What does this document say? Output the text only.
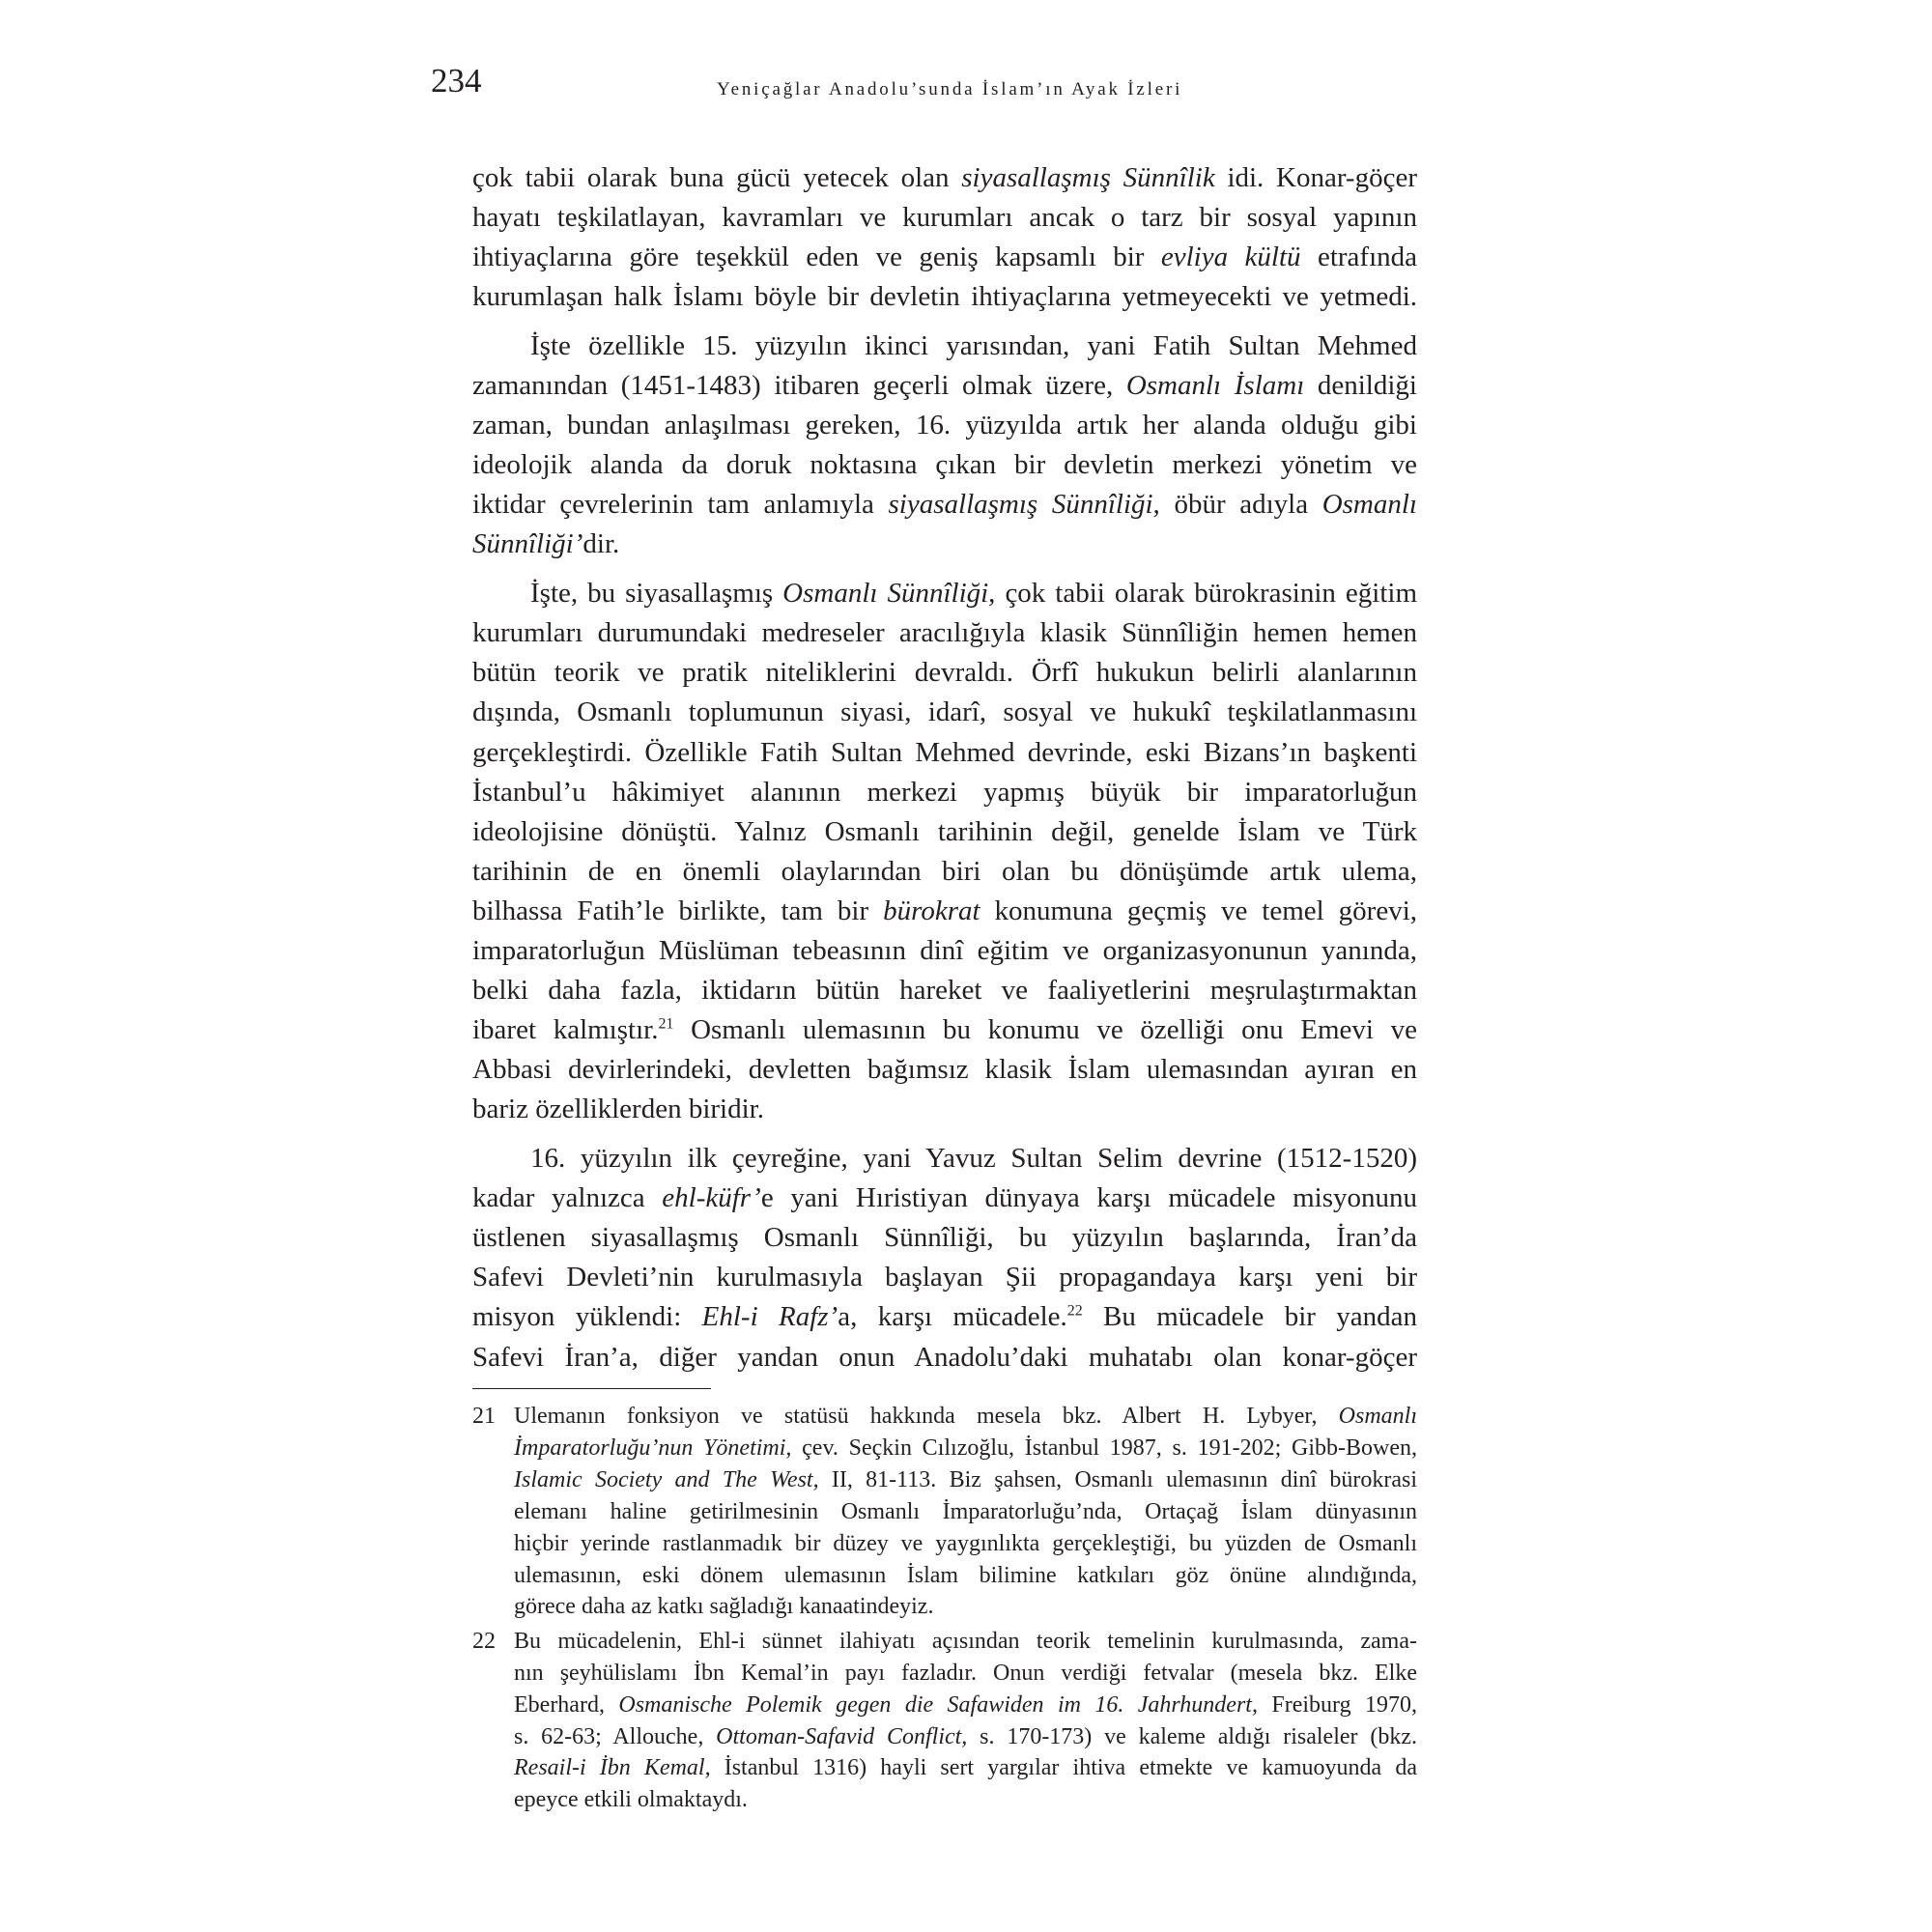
234	Yeniçağlar Anadolu’sunda İslam’ın Ayak İzleri
çok tabii olarak buna gücü yetecek olan siyasallaşmış Sünnîlik idi. Konar-göçer
hayatı teşkilatlayan, kavramları ve kurumları ancak o tarz bir sosyal yapının
ihtiyaçlarına göre teşekkül eden ve geniş kapsamlı bir evliya kültü etrafında
kurumlaşan halk İslamı böyle bir devletin ihtiyaçlarına yetmeyecekti ve yetmedi.
İşte özellikle 15. yüzyılın ikinci yarısından, yani Fatih Sultan Mehmed
zamanından (1451-1483) itibaren geçerli olmak üzere, Osmanlı İslamı denildiği
zaman, bundan anlaşılması gereken, 16. yüzyılda artık her alanda olduğu gibi
ideolojik alanda da doruk noktasına çıkan bir devletin merkezi yönetim ve
iktidar çevrelerinin tam anlamıyla siyasallaşmış Sünnîliği, öbür adıyla Osmanlı
Sünnîliği’dir.
İşte, bu siyasallaşmış Osmanlı Sünnîliği, çok tabii olarak bürokrasinin eğitim
kurumları durumundaki medreseler aracılığıyla klasik Sünnîliğin hemen hemen
bütün teorik ve pratik niteliklerini devraldı. Örfî hukukun belirli alanlarının
dışında, Osmanlı toplumunun siyasi, idarî, sosyal ve hukukî teşkilatlanmasını
gerçekleştirdi. Özellikle Fatih Sultan Mehmed devrinde, eski Bizans’ın başkenti
İstanbul’u hâkimiyet alanının merkezi yapmış büyük bir imparatorluğun
ideolojisine dönüştü. Yalnız Osmanlı tarihinin değil, genelde İslam ve Türk
tarihinin de en önemli olaylarından biri olan bu dönüşümde artık ulema,
bilhassa Fatih’le birlikte, tam bir bürokrat konumuna geçmiş ve temel görevi,
imparatorluğun Müslüman tebeasının dinî eğitim ve organizasyonunun yanında,
belki daha fazla, iktidarın bütün hareket ve faaliyetlerini meşrulaştırmaktan
ibaret kalmıştır.$^{21}$ Osmanlı ulemasının bu konumu ve özelliği onu Emevi ve
Abbasi devirlerindeki, devletten bağımsız klasik İslam ulemasından ayıran en
bariz özelliklerden biridir.
16. yüzyılın ilk çeyreğine, yani Yavuz Sultan Selim devrine (1512-1520)
kadar yalnızca ehl-küfr’e yani Hıristiyan dünyaya karşı mücadele misyonunu
üstlenen siyasallaşmış Osmanlı Sünnîliği, bu yüzyılın başlarında, İran’da
Safevi Devleti’nin kurulmasıyla başlayan Şii propagandaya karşı yeni bir
misyon yüklendi: Ehl-i Rafz’a, karşı mücadele.$^{22}$ Bu mücadele bir yandan
Safevi İran’a, diğer yandan onun Anadolu’daki muhatabı olan konar-göçer
21 Ulemanın fonksiyon ve statüsü hakkında mesela bkz. Albert H. Lybyer, Osmanlı
İmparatorluğu’nun Yönetimi, çev. Seçkin Cılızoğlu, İstanbul 1987, s. 191-202; Gibb-Bowen,
Islamic Society and The West, II, 81-113. Biz şahsen, Osmanlı ulemasının dinî bürokrasi
elemanı haline getirilmesinin Osmanlı İmparatorluğu’nda, Ortaçağ İslam dünyasının
hiçbir yerinde rastlanmadık bir düzey ve yaygınlıkta gerçekleştiği, bu yüzden de Osmanlı
ulemasının, eski dönem ulemasının İslam bilimine katkıları göz önüne alındığında,
görece daha az katkı sağladığı kanaatindeyiz.
22 Bu mücadelenin, Ehl-i sünnet ilahiyatı açısından teorik temelinin kurulmasında, zama-
nın şeyhülislamı İbn Kemal’in payı fazladır. Onun verdiği fetvalar (mesela bkz. Elke
Eberhard, Osmanische Polemik gegen die Safawiden im 16. Jahrhundert, Freiburg 1970,
s. 62-63; Allouche, Ottoman-Safavid Conflict, s. 170-173) ve kaleme aldığı risaleler (bkz.
Resail-i İbn Kemal, İstanbul 1316) hayli sert yargılar ihtiva etmekte ve kamuoyunda da
epeyce etkili olmaktaydı.
